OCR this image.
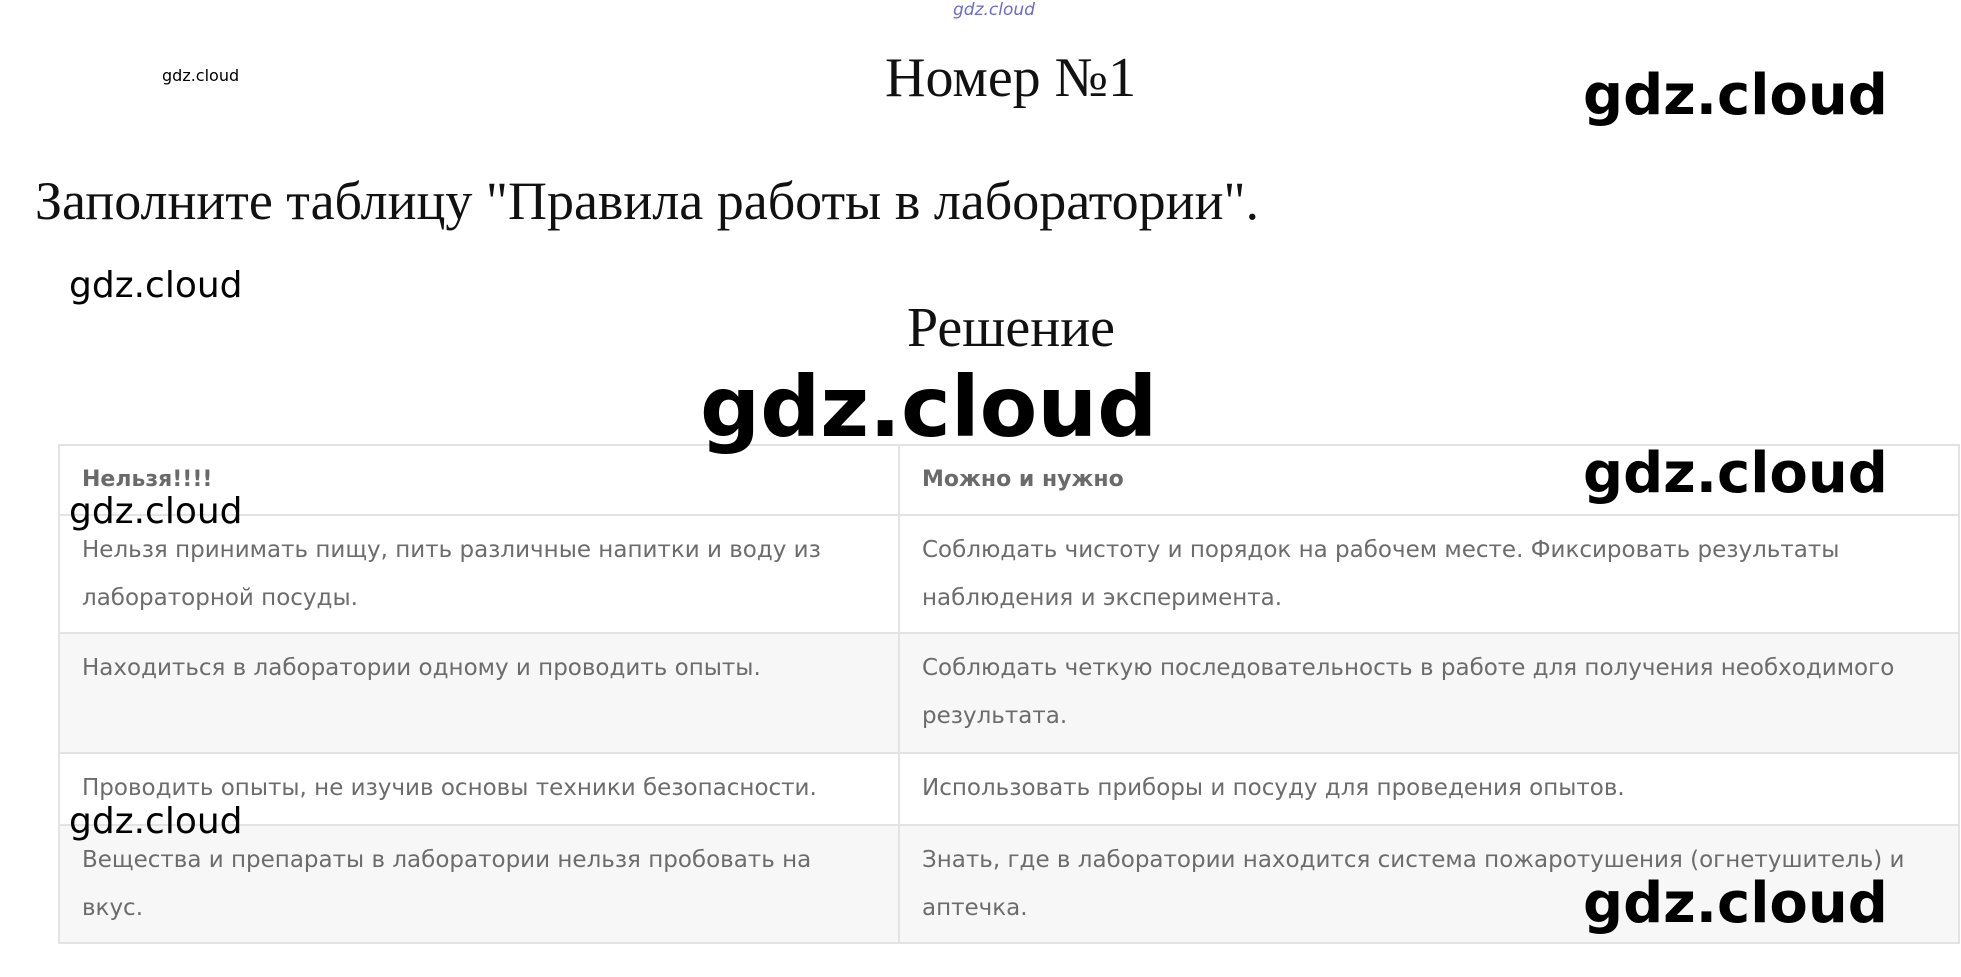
Номер №1
Заполните таблицу "Правила работы в лаборатории".
Решение
Нельзя!!!!	Можно и нужно
Нельзя принимать пищу, пить различные напитки и воду из лабораторной посуды.	Соблюдать чистоту и порядок на рабочем месте. Фиксировать результаты наблюдения и эксперимента.
Находиться в лаборатории одному и проводить опыты.	Соблюдать четкую последовательность в работе для получения необходимого результата.
Проводить опыты, не изучив основы техники безопасности.	Использовать приборы и посуду для проведения опытов.
Вещества и препараты в лаборатории нельзя пробовать на вкус.	Знать, где в лаборатории находится система пожаротушения (огнетушитель) и аптечка.
gdz.cloud
gdz.cloud	gdz.cloud
gdz.cloud
gdz.cloud
gdz.cloud
gdz.cloud
gdz.cloud
gdz.cloud
